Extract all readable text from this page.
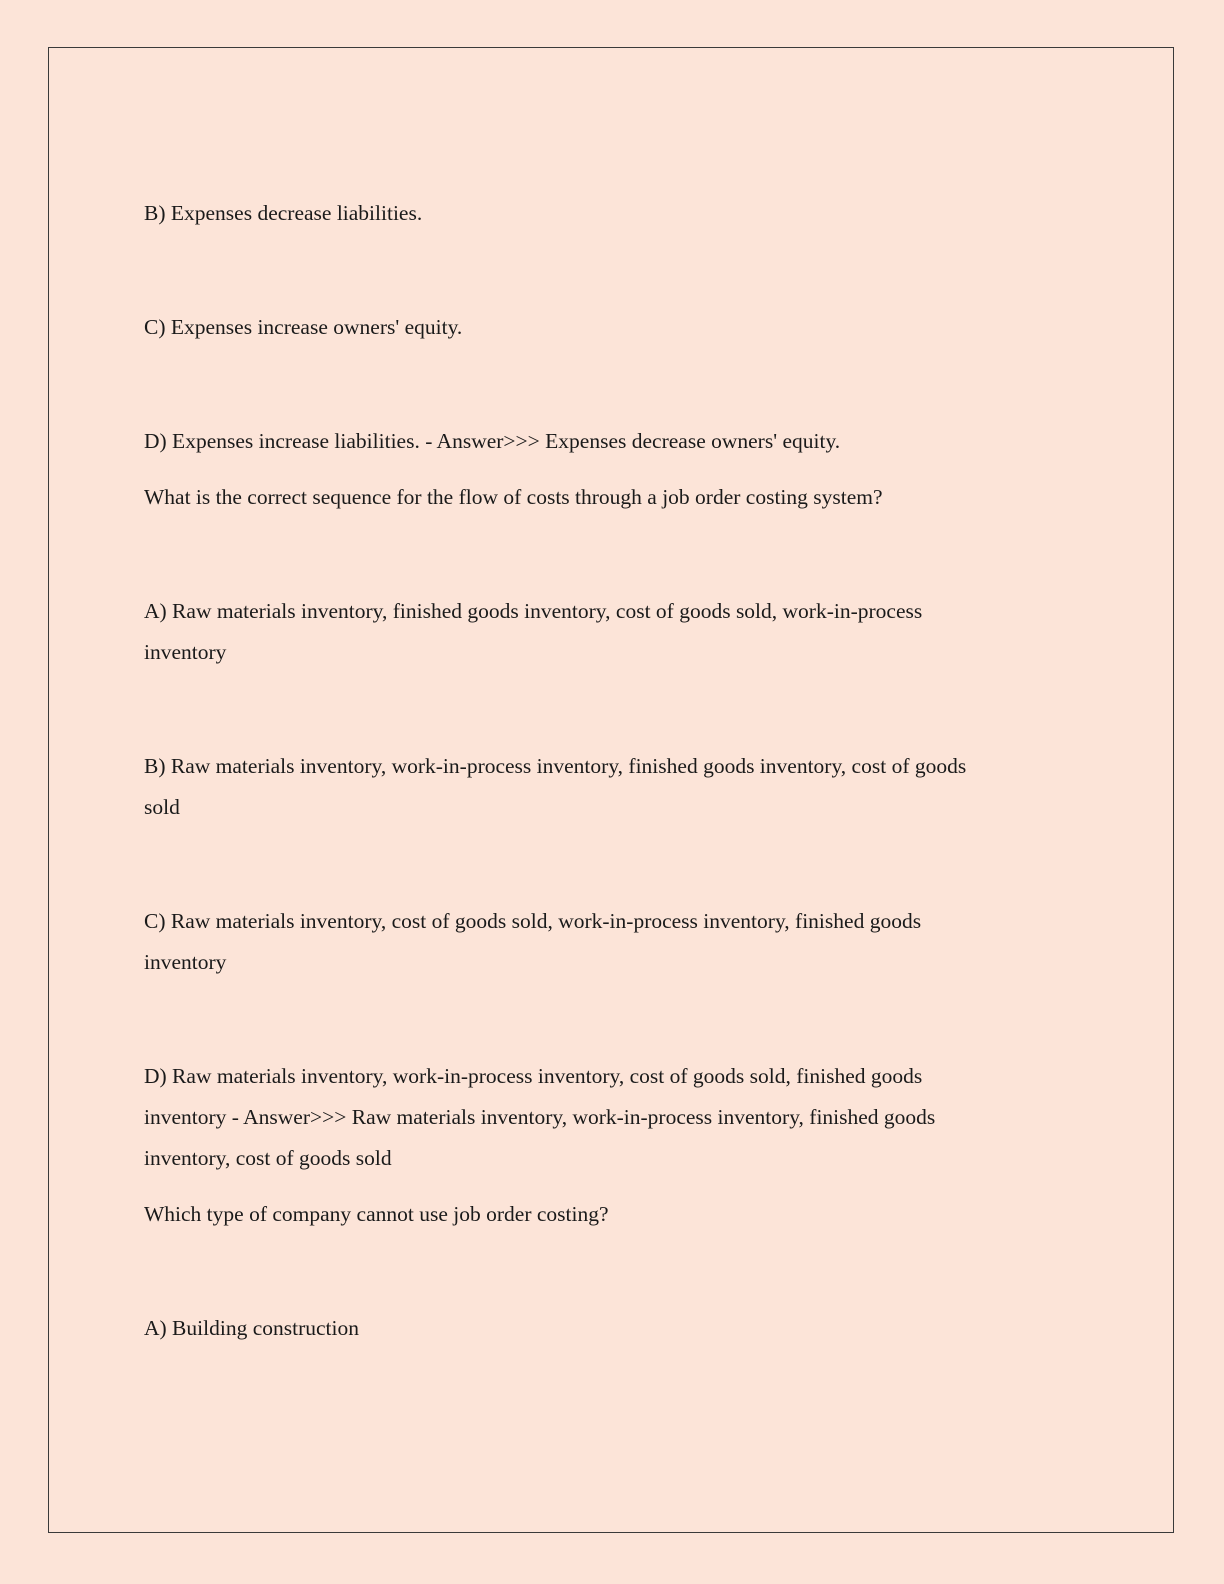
B) Expenses decrease liabilities.
C) Expenses increase owners' equity.
D) Expenses increase liabilities. - Answer>>> Expenses decrease owners' equity.
What is the correct sequence for the flow of costs through a job order costing system?
A) Raw materials inventory, finished goods inventory, cost of goods sold, work-in-process
inventory
B) Raw materials inventory, work-in-process inventory, finished goods inventory, cost of goods
sold
C) Raw materials inventory, cost of goods sold, work-in-process inventory, finished goods
inventory
D) Raw materials inventory, work-in-process inventory, cost of goods sold, finished goods
inventory - Answer>>> Raw materials inventory, work-in-process inventory, finished goods
inventory, cost of goods sold
Which type of company cannot use job order costing?
A) Building construction
